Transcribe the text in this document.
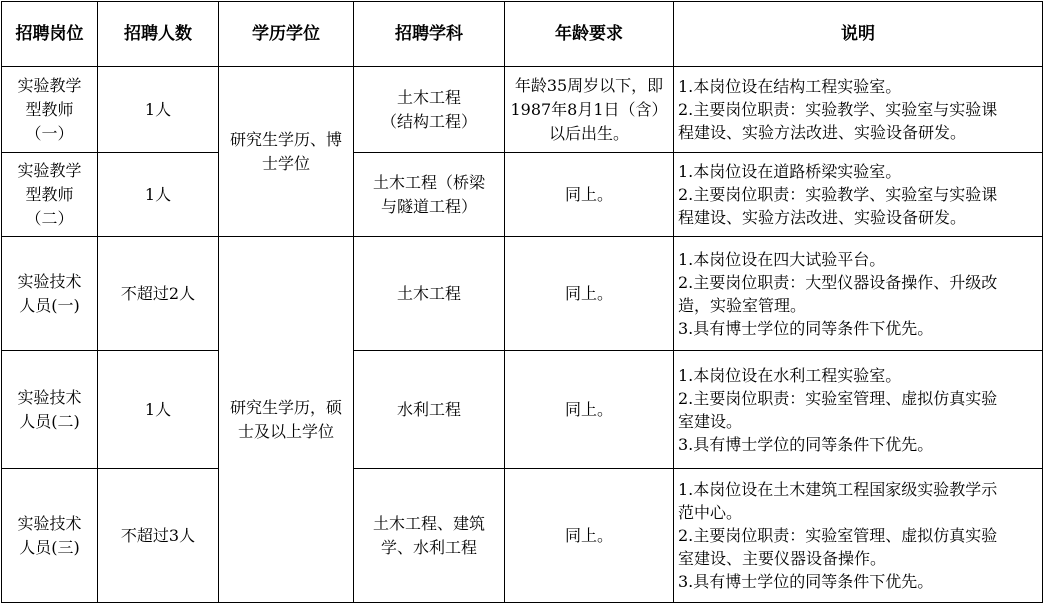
招聘岗位	招聘人数	学历学位	招聘学科	年龄要求	说明

实验教学
型教师
（一）	1人	研究生学历、博
士学位	土木工程
（结构工程）	年龄35周岁以下，即
1987年8月1日（含）
以后出生。	1.本岗位设在结构工程实验室。
2.主要岗位职责：实验教学、实验室与实验课
程建设、实验方法改进、实验设备研发。

实验教学
型教师
（二）	1人		土木工程（桥梁
与隧道工程）	同上。	1.本岗位设在道路桥梁实验室。
2.主要岗位职责：实验教学、实验室与实验课
程建设、实验方法改进、实验设备研发。

实验技术
人员(一)	不超过2人	研究生学历，硕
士及以上学位	土木工程	同上。	1.本岗位设在四大试验平台。
2.主要岗位职责：大型仪器设备操作、升级改
造，实验室管理。
3.具有博士学位的同等条件下优先。

实验技术
人员(二)	1人		水利工程	同上。	1.本岗位设在水利工程实验室。
2.主要岗位职责：实验室管理、虚拟仿真实验
室建设。
3.具有博士学位的同等条件下优先。

实验技术
人员(三)	不超过3人		土木工程、建筑
学、水利工程	同上。	1.本岗位设在土木建筑工程国家级实验教学示
范中心。
2.主要岗位职责：实验室管理、虚拟仿真实验
室建设、主要仪器设备操作。
3.具有博士学位的同等条件下优先。
